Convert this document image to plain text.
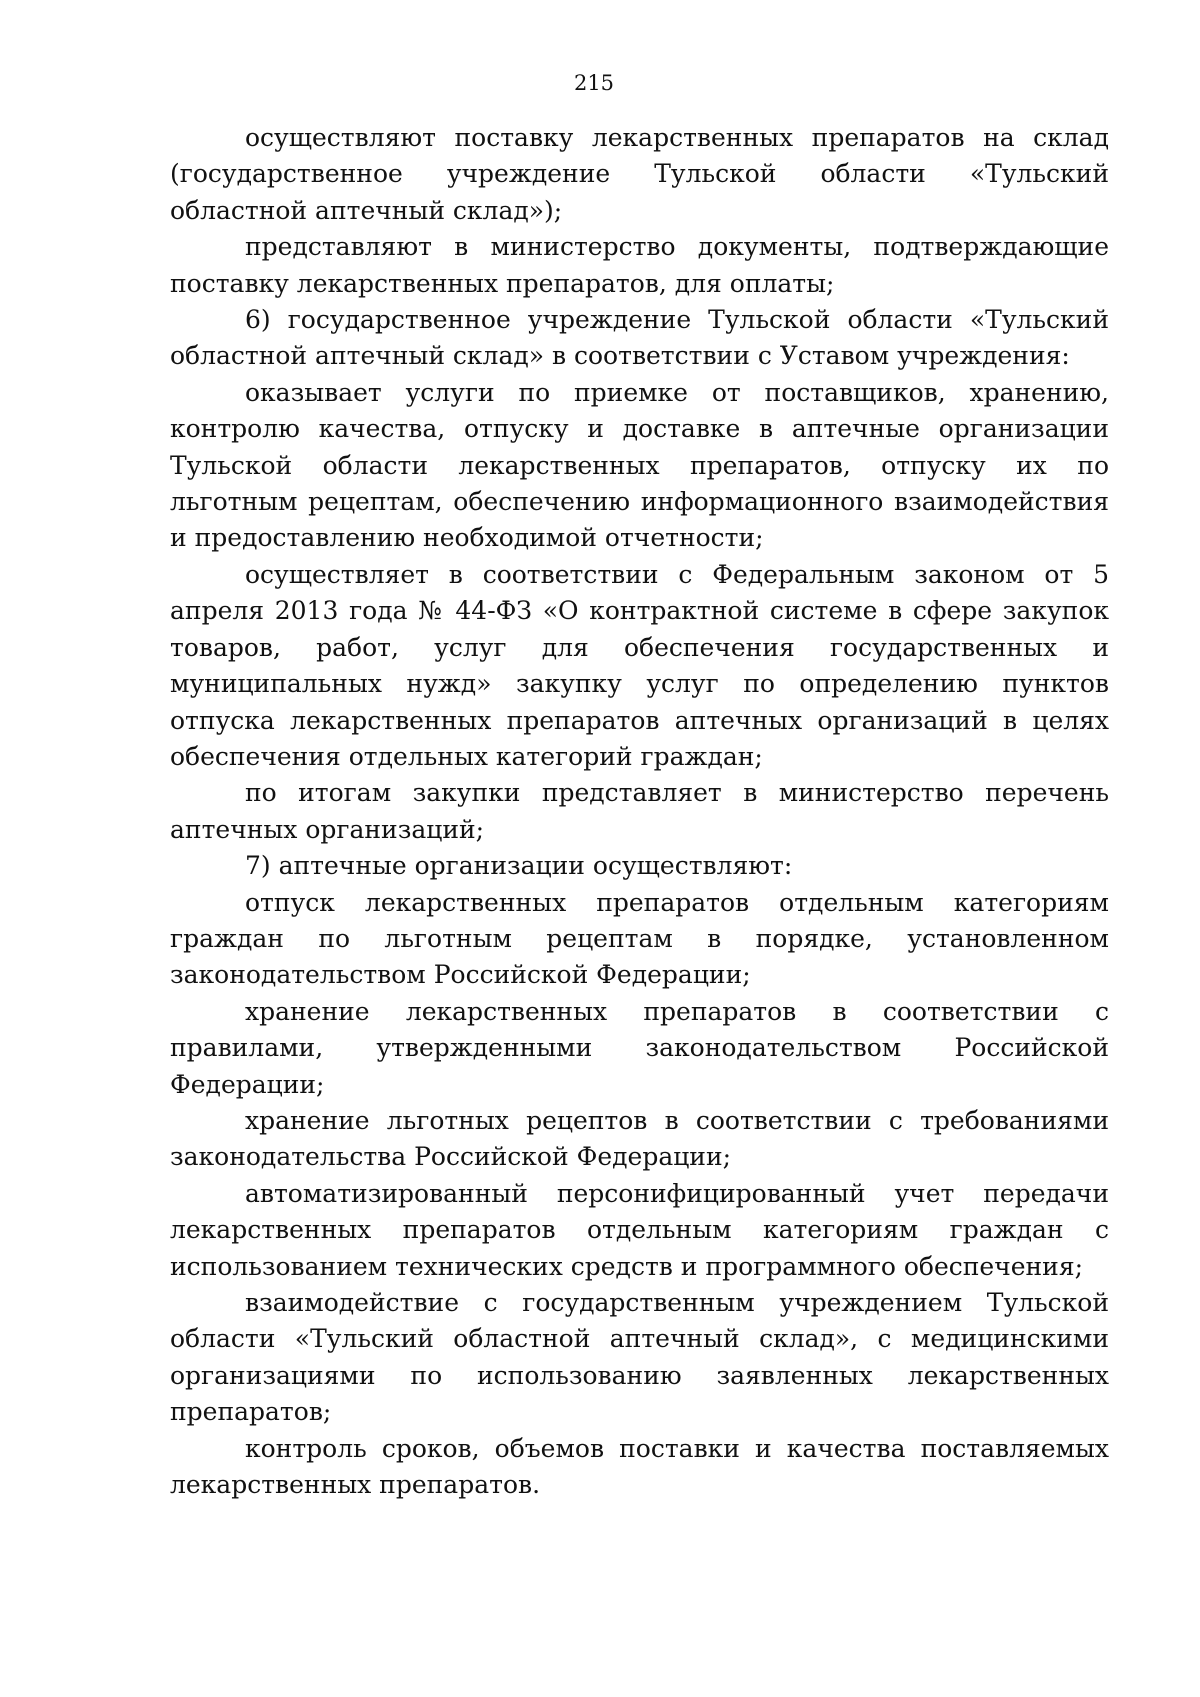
215

осуществляют поставку лекарственных препаратов на склад (государственное учреждение Тульской области «Тульский областной аптечный склад»);

представляют в министерство документы, подтверждающие поставку лекарственных препаратов, для оплаты;

6) государственное учреждение Тульской области «Тульский областной аптечный склад» в соответствии с Уставом учреждения:

оказывает услуги по приемке от поставщиков, хранению, контролю качества, отпуску и доставке в аптечные организации Тульской области лекарственных препаратов, отпуску их по льготным рецептам, обеспечению информационного взаимодействия и предоставлению необходимой отчетности;

осуществляет в соответствии с Федеральным законом от 5 апреля 2013 года № 44-ФЗ «О контрактной системе в сфере закупок товаров, работ, услуг для обеспечения государственных и муниципальных нужд» закупку услуг по определению пунктов отпуска лекарственных препаратов аптечных организаций в целях обеспечения отдельных категорий граждан;

по итогам закупки представляет в министерство перечень аптечных организаций;

7) аптечные организации осуществляют:

отпуск лекарственных препаратов отдельным категориям граждан по льготным рецептам в порядке, установленном законодательством Российской Федерации;

хранение лекарственных препаратов в соответствии с правилами, утвержденными законодательством Российской Федерации;

хранение льготных рецептов в соответствии с требованиями законодательства Российской Федерации;

автоматизированный персонифицированный учет передачи лекарственных препаратов отдельным категориям граждан с использованием технических средств и программного обеспечения;

взаимодействие с государственным учреждением Тульской области «Тульский областной аптечный склад», с медицинскими организациями по использованию заявленных лекарственных препаратов;

контроль сроков, объемов поставки и качества поставляемых лекарственных препаратов.
